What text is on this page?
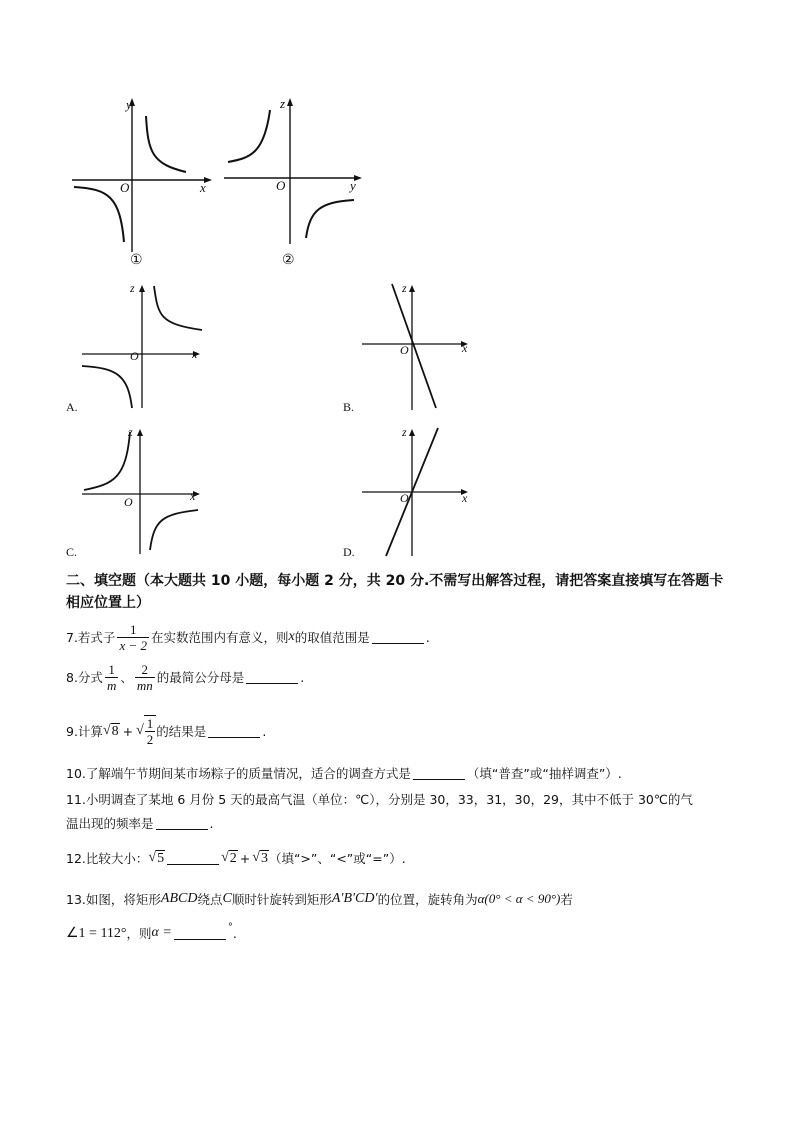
y
x
O
①
z
y
O
②
A.
z
x
O
B.
z
x
O
C.
z
x
O
D.
z
x
O
二、填空题（本大题共 10 小题，每小题 2 分，共 20 分.不需写出解答过程，请把答案直接填写在答题卡相应位置上）
7.若式子 $\frac{1}{x - 2}$ 在实数范围内有意义，则 x 的取值范围是	.
8.分式 $\frac{1}{m}$ 、 $\frac{2}{mn}$ 的最简公分母是	.
9.计算 √ 8 + √ $\frac{1}{2}$ 的结果是	.
10.了解端午节期间某市场粽子的质量情况，适合的调查方式是	（填“普查”或“抽样调查”）.
11.小明调查了某地 6 月份 5 天的最高气温（单位：℃），分别是 30，33，31，30，29，其中不低于 30℃的气
温出现的频率是	.
12.比较大小： √ 5	√ 2 + √ 3 （填“>”、“<”或“=”）.
13.如图，将矩形 ABCD 绕点 C 顺时针旋转到矩形 A′B′CD′ 的位置，旋转角为 α(0° < α < 90°) 若
∠1 = 112° ，则 α =	° .
